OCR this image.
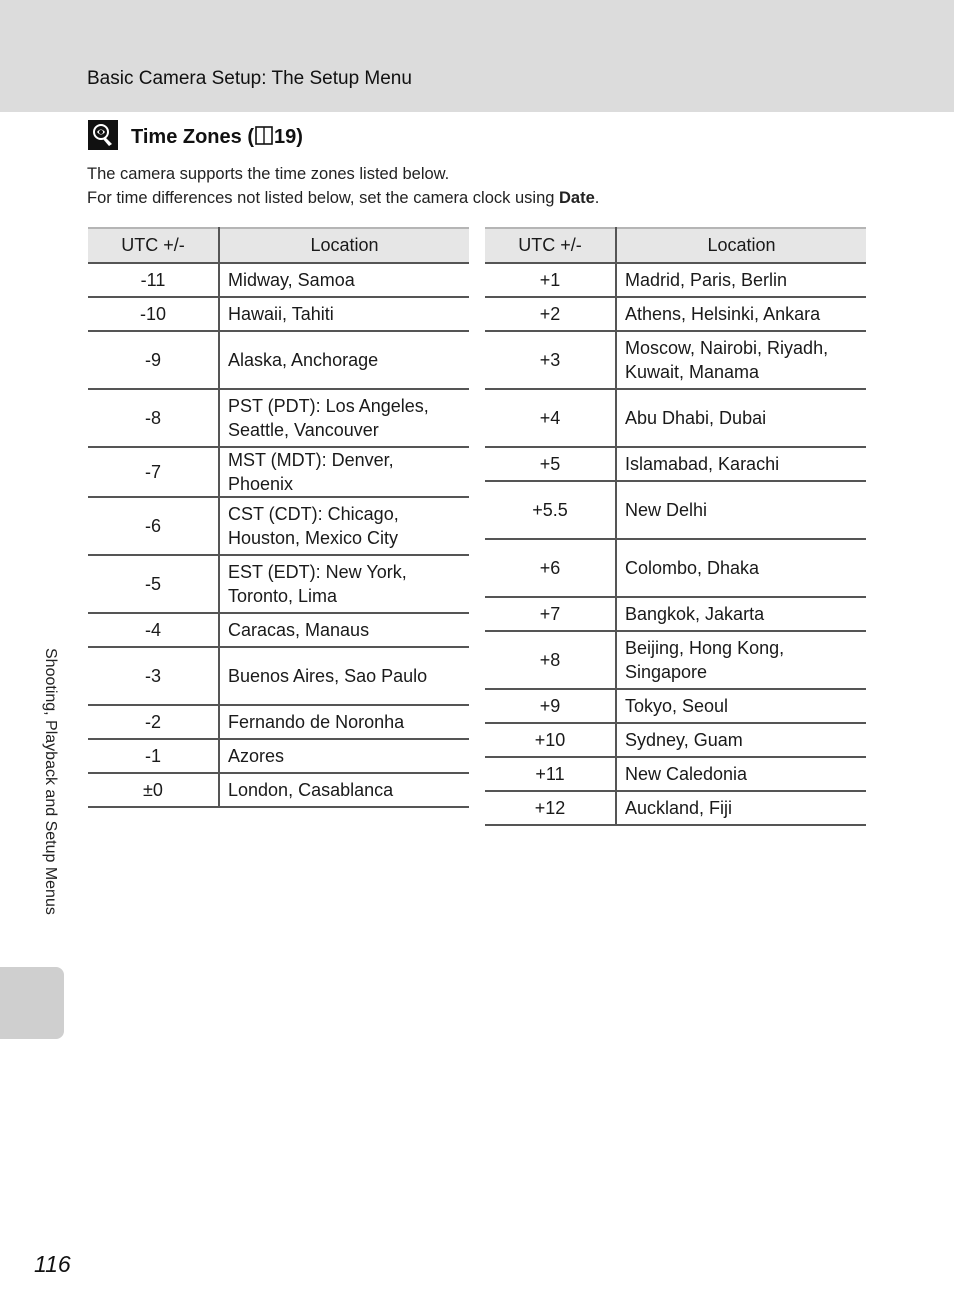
Basic Camera Setup: The Setup Menu
Time Zones ( 19)
The camera supports the time zones listed below.
For time differences not listed below, set the camera clock using Date.
UTC +/-	Location
-11	Midway, Samoa
-10	Hawaii, Tahiti
-9	Alaska, Anchorage
-8	PST (PDT): Los Angeles, Seattle, Vancouver
-7	MST (MDT): Denver, Phoenix
-6	CST (CDT): Chicago, Houston, Mexico City
-5	EST (EDT): New York, Toronto, Lima
-4	Caracas, Manaus
-3	Buenos Aires, Sao Paulo
-2	Fernando de Noronha
-1	Azores
±0	London, Casablanca
UTC +/-	Location
+1	Madrid, Paris, Berlin
+2	Athens, Helsinki, Ankara
+3	Moscow, Nairobi, Riyadh, Kuwait, Manama
+4	Abu Dhabi, Dubai
+5	Islamabad, Karachi
+5.5	New Delhi
+6	Colombo, Dhaka
+7	Bangkok, Jakarta
+8	Beijing, Hong Kong, Singapore
+9	Tokyo, Seoul
+10	Sydney, Guam
+11	New Caledonia
+12	Auckland, Fiji
Shooting, Playback and Setup Menus
116
